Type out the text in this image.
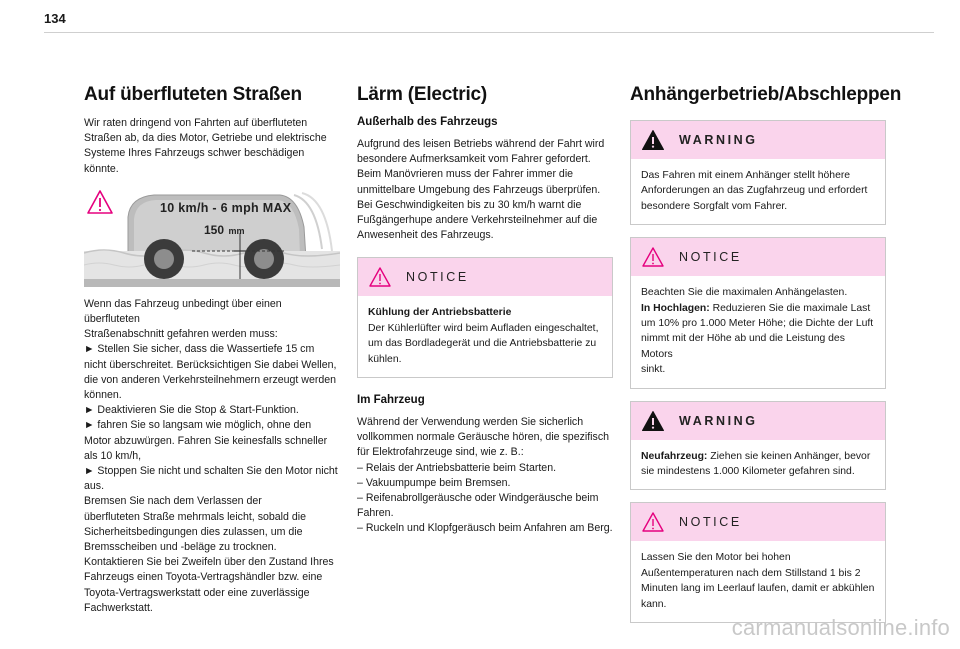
134
Auf überfluteten Straßen
Wir raten dringend von Fahrten auf überfluteten
Straßen ab, da dies Motor, Getriebe und elektrische
Systeme Ihres Fahrzeugs schwer beschädigen könnte.
10 km/h - 6 mph MAX
150 mm
Wenn das Fahrzeug unbedingt über einen überfluteten
Straßenabschnitt gefahren werden muss:
► Stellen Sie sicher, dass die Wassertiefe 15 cm
nicht überschreitet. Berücksichtigen Sie dabei Wellen,
die von anderen Verkehrsteilnehmern erzeugt werden
können.
► Deaktivieren Sie die Stop & Start-Funktion.
► fahren Sie so langsam wie möglich, ohne den
Motor abzuwürgen. Fahren Sie keinesfalls schneller
als 10 km/h,
► Stoppen Sie nicht und schalten Sie den Motor nicht
aus.
Bremsen Sie nach dem Verlassen der
überfluteten Straße mehrmals leicht, sobald die
Sicherheitsbedingungen dies zulassen, um die
Bremsscheiben und -beläge zu trocknen.
Kontaktieren Sie bei Zweifeln über den Zustand Ihres
Fahrzeugs einen Toyota-Vertragshändler bzw. eine
Toyota-Vertragswerkstatt oder eine zuverlässige
Fachwerkstatt.
Lärm (Electric)
Außerhalb des Fahrzeugs
Aufgrund des leisen Betriebs während der Fahrt wird
besondere Aufmerksamkeit vom Fahrer gefordert.
Beim Manövrieren muss der Fahrer immer die
unmittelbare Umgebung des Fahrzeugs überprüfen.
Bei Geschwindigkeiten bis zu 30 km/h warnt die
Fußgängerhupe andere Verkehrsteilnehmer auf die
Anwesenheit des Fahrzeugs.
NOTICE

Kühlung der Antriebsbatterie

Der Kühlerlüfter wird beim Aufladen eingeschaltet,

um das Bordladegerät und die Antriebsbatterie zu

kühlen.

Im Fahrzeug
Während der Verwendung werden Sie sicherlich
vollkommen normale Geräusche hören, die spezifisch
für Elektrofahrzeuge sind, wie z. B.:
– Relais der Antriebsbatterie beim Starten.
– Vakuumpumpe beim Bremsen.
– Reifenabrollgeräusche oder Windgeräusche beim
Fahren.
– Ruckeln und Klopfgeräusch beim Anfahren am Berg.
Anhängerbetrieb/Abschleppen
WARNING

Das Fahren mit einem Anhänger stellt höhere

Anforderungen an das Zugfahrzeug und erfordert

besondere Sorgfalt vom Fahrer.

NOTICE

Beachten Sie die maximalen Anhängelasten.

In Hochlagen: Reduzieren Sie die maximale Last

um 10% pro 1.000 Meter Höhe; die Dichte der Luft

nimmt mit der Höhe ab und die Leistung des Motors

sinkt.

WARNING

Neufahrzeug: Ziehen sie keinen Anhänger, bevor

sie mindestens 1.000 Kilometer gefahren sind.

NOTICE

Lassen Sie den Motor bei hohen

Außentemperaturen nach dem Stillstand 1 bis 2

Minuten lang im Leerlauf laufen, damit er abkühlen

kann.

carmanualsonline.info
